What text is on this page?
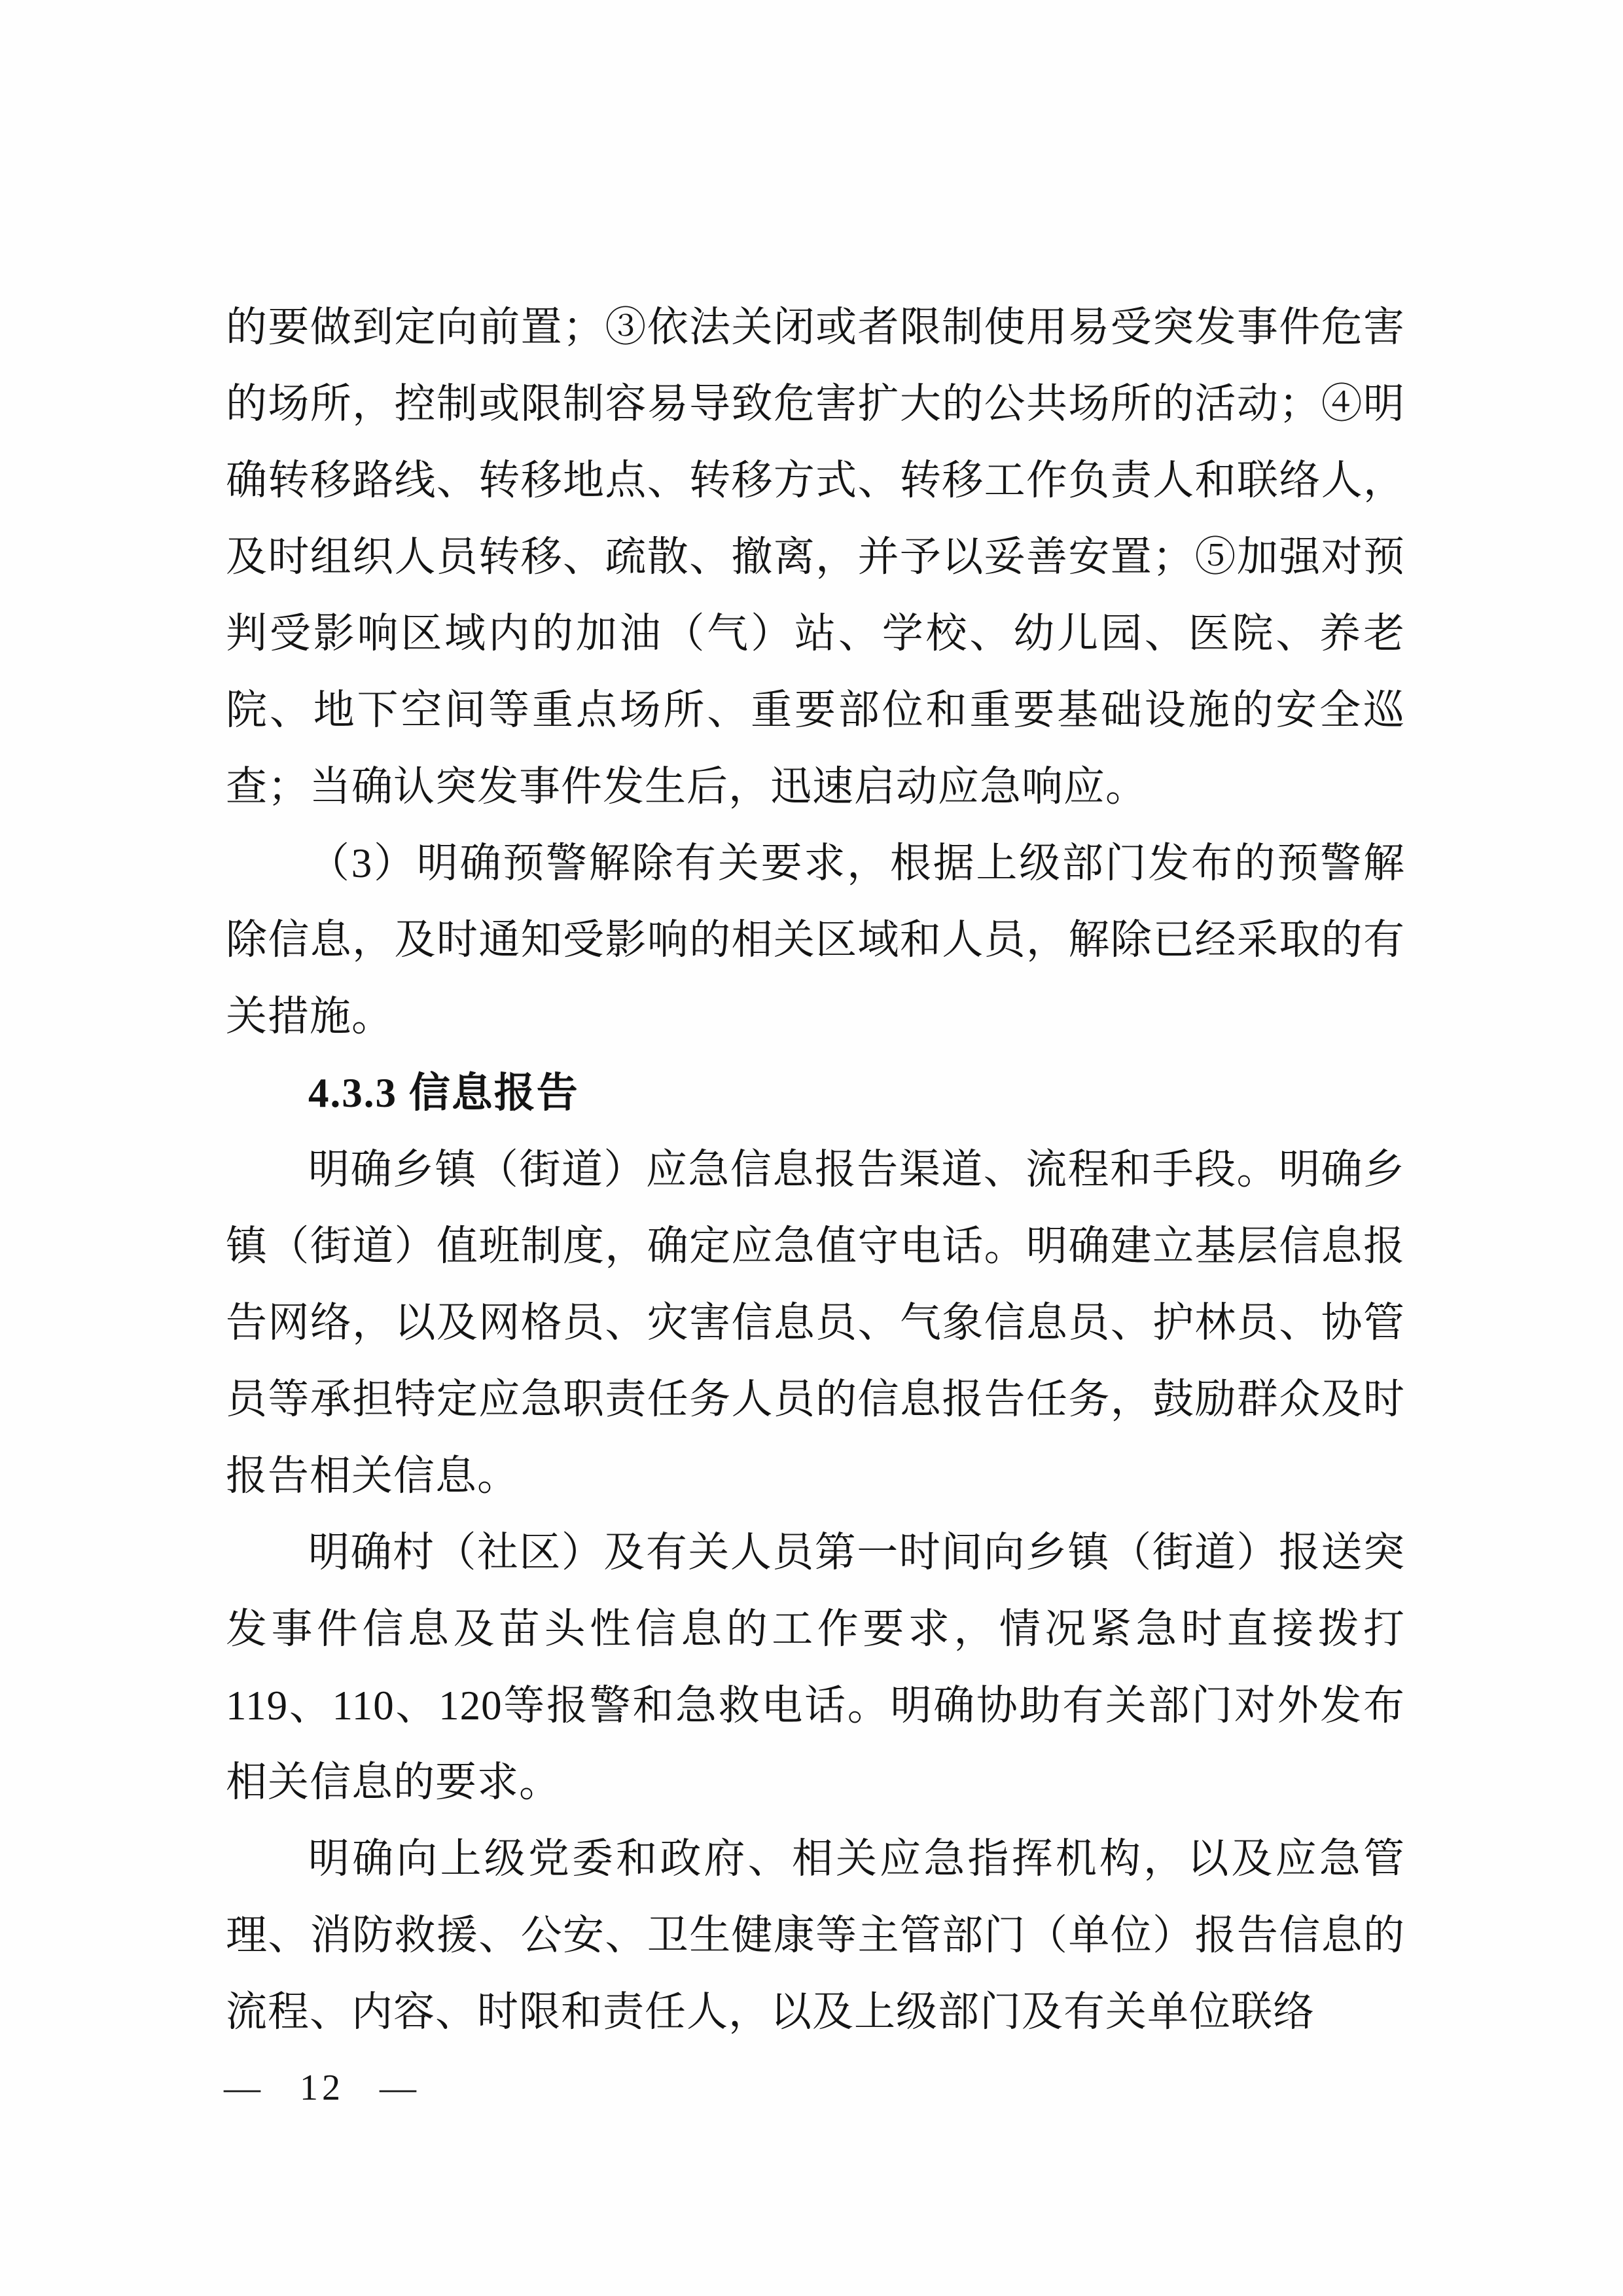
的要做到定向前置；③依法关闭或者限制使用易受突发事件危害的场所，控制或限制容易导致危害扩大的公共场所的活动；④明确转移路线、转移地点、转移方式、转移工作负责人和联络人，及时组织人员转移、疏散、撤离，并予以妥善安置；⑤加强对预判受影响区域内的加油（气）站、学校、幼儿园、医院、养老院、地下空间等重点场所、重要部位和重要基础设施的安全巡查；当确认突发事件发生后，迅速启动应急响应。

（3）明确预警解除有关要求，根据上级部门发布的预警解除信息，及时通知受影响的相关区域和人员，解除已经采取的有关措施。

4.3.3 信息报告

明确乡镇（街道）应急信息报告渠道、流程和手段。明确乡镇（街道）值班制度，确定应急值守电话。明确建立基层信息报告网络，以及网格员、灾害信息员、气象信息员、护林员、协管员等承担特定应急职责任务人员的信息报告任务，鼓励群众及时报告相关信息。

明确村（社区）及有关人员第一时间向乡镇（街道）报送突发事件信息及苗头性信息的工作要求，情况紧急时直接拨打119、110、120等报警和急救电话。明确协助有关部门对外发布相关信息的要求。

明确向上级党委和政府、相关应急指挥机构，以及应急管理、消防救援、公安、卫生健康等主管部门（单位）报告信息的流程、内容、时限和责任人，以及上级部门及有关单位联络

— 12 —
